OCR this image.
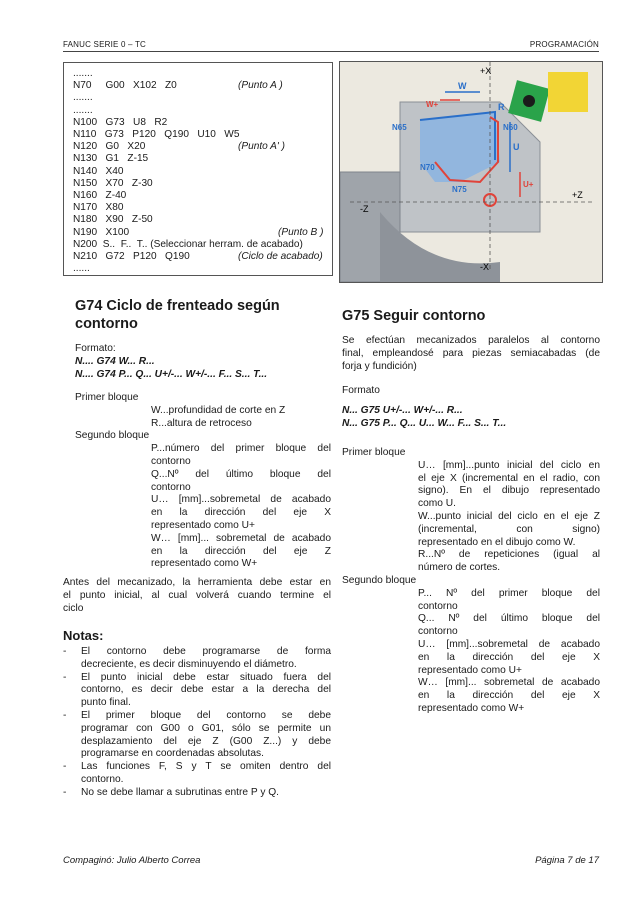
FANUC SERIE 0 – TC	PROGRAMACIÓN
.......
N70     G00   X102   Z0	(Punto A )
.......
.......
N100   G73   U8   R2
N110   G73   P120   Q190   U10   W5
N120   G0   X20	(Punto A' )
N130   G1   Z-15
N140   X40
N150   X70   Z-30
N160   Z-40
N170   X80
N180   X90   Z-50
N190   X100	(Punto B )
N200  S..  F..  T.. (Seleccionar herram. de acabado)
N210   G72   P120   Q190	(Ciclo de acabado)
......
+X
-X
+Z
-Z
W
W+	R
U
U+
N65	N60
N70
N75
G74 Ciclo de frenteado según
contorno
Formato:
N.... G74 W... R...
N.... G74 P... Q... U+/-... W+/-... F... S... T...
Primer bloque
W...profundidad de corte en Z
R...altura de retroceso
Segundo bloque
P...número del primer bloque del
contorno
Q...Nº del último bloque del
contorno
U… [mm]...sobremetal de acabado
en la dirección del eje X
representado como U+
W… [mm]... sobremetal de acabado
en la dirección del eje Z
representado como W+
Antes del mecanizado, la herramienta debe estar en
el punto inicial, al cual volverá cuando termine el
ciclo
Notas:
- El contorno debe programarse de forma
decreciente, es decir disminuyendo el diámetro.
- El punto inicial debe estar situado fuera del
contorno, es decir debe estar a la derecha del
punto final.
- El primer bloque del contorno se debe
programar con G00 o G01, sólo se permite un
desplazamiento del eje Z (G00 Z...) y debe
programarse en coordenadas absolutas.
- Las funciones F, S y T se omiten dentro del
contorno.
- No se debe llamar a subrutinas entre P y Q.
G75 Seguir contorno
Se efectúan mecanizados paralelos al contorno
final, empleandosé para piezas semiacabadas (de
forja y fundición)
Formato
N... G75 U+/-... W+/-... R...
N... G75 P... Q... U... W... F... S... T...
Primer bloque
U… [mm]...punto inicial del ciclo en
el eje X (incremental en el radio, con
signo). En el dibujo representado
como U.
W...punto inicial del ciclo en el eje Z
(incremental, con signo)
representado en el dibujo como W.
R...Nº de repeticiones (igual al
número de cortes.
Segundo bloque
P... Nº del primer bloque del
contorno
Q... Nº del último bloque del
contorno
U… [mm]...sobremetal de acabado
en la dirección del eje X
representado como U+
W… [mm]... sobremetal de acabado
en la dirección del eje X
representado como W+
Compaginó: Julio Alberto Correa	Página 7 de 17
